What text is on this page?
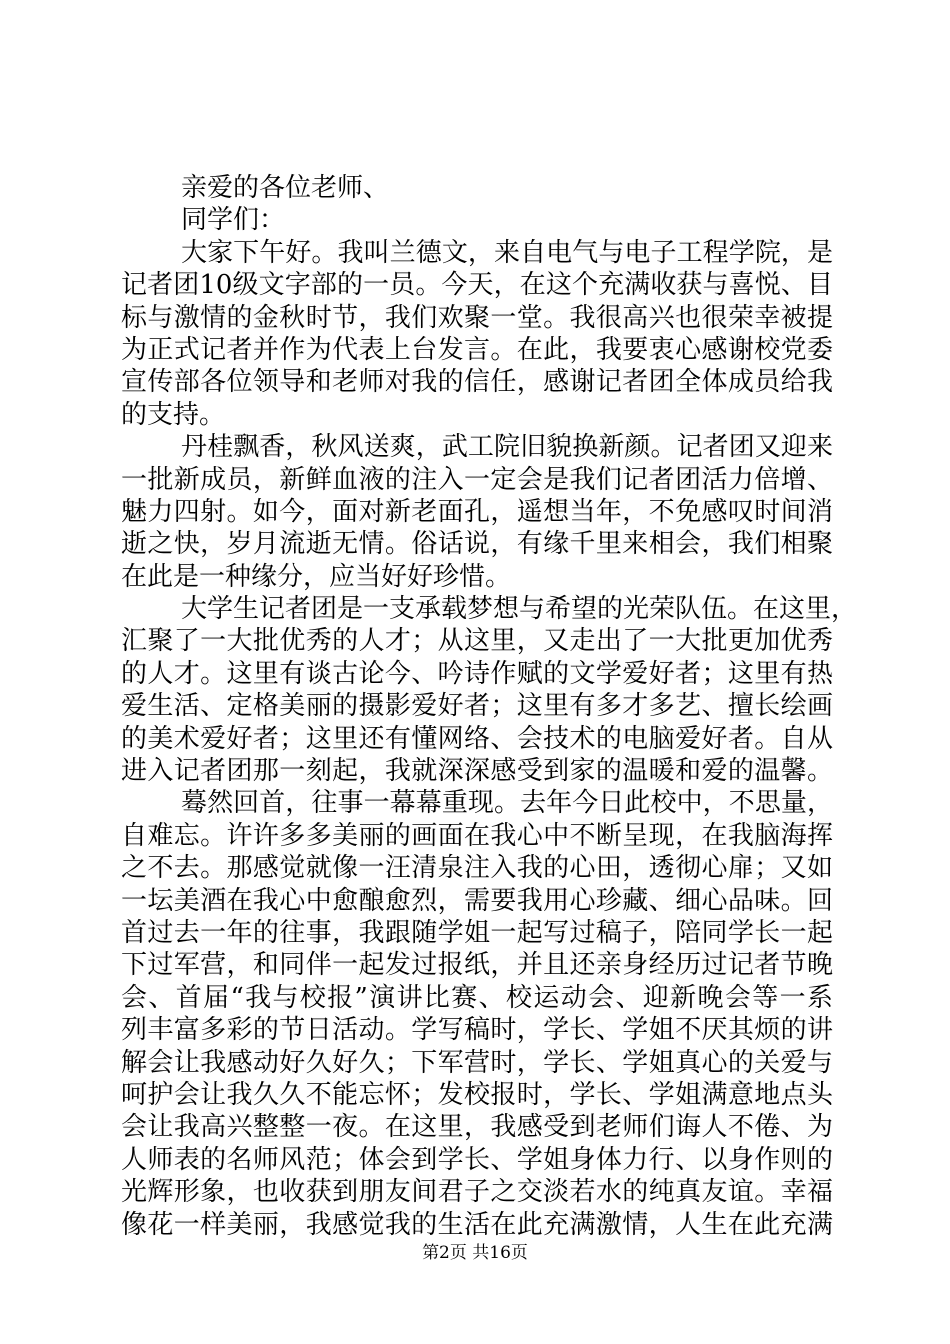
亲爱的各位老师、
同学们：
大家下午好。我叫兰德文，来自电气与电子工程学院，是
记者团10级文字部的一员。今天，在这个充满收获与喜悦、目
标与激情的金秋时节，我们欢聚一堂。我很高兴也很荣幸被提
为正式记者并作为代表上台发言。在此，我要衷心感谢校党委
宣传部各位领导和老师对我的信任，感谢记者团全体成员给我
的支持。
丹桂飘香，秋风送爽，武工院旧貌换新颜。记者团又迎来
一批新成员，新鲜血液的注入一定会是我们记者团活力倍增、
魅力四射。如今，面对新老面孔，遥想当年，不免感叹时间消
逝之快，岁月流逝无情。俗话说，有缘千里来相会，我们相聚
在此是一种缘分，应当好好珍惜。
大学生记者团是一支承载梦想与希望的光荣队伍。在这里，
汇聚了一大批优秀的人才；从这里，又走出了一大批更加优秀
的人才。这里有谈古论今、吟诗作赋的文学爱好者；这里有热
爱生活、定格美丽的摄影爱好者；这里有多才多艺、擅长绘画
的美术爱好者；这里还有懂网络、会技术的电脑爱好者。自从
进入记者团那一刻起，我就深深感受到家的温暖和爱的温馨。
蓦然回首，往事一幕幕重现。去年今日此校中，不思量，
自难忘。许许多多美丽的画面在我心中不断呈现，在我脑海挥
之不去。那感觉就像一汪清泉注入我的心田，透彻心扉；又如
一坛美酒在我心中愈酿愈烈，需要我用心珍藏、细心品味。回
首过去一年的往事，我跟随学姐一起写过稿子，陪同学长一起
下过军营，和同伴一起发过报纸，并且还亲身经历过记者节晚
会、首届“我与校报”演讲比赛、校运动会、迎新晚会等一系
列丰富多彩的节日活动。学写稿时，学长、学姐不厌其烦的讲
解会让我感动好久好久；下军营时，学长、学姐真心的关爱与
呵护会让我久久不能忘怀；发校报时，学长、学姐满意地点头
会让我高兴整整一夜。在这里，我感受到老师们诲人不倦、为
人师表的名师风范；体会到学长、学姐身体力行、以身作则的
光辉形象，也收获到朋友间君子之交淡若水的纯真友谊。幸福
像花一样美丽，我感觉我的生活在此充满激情，人生在此充满
第2页 共16页
